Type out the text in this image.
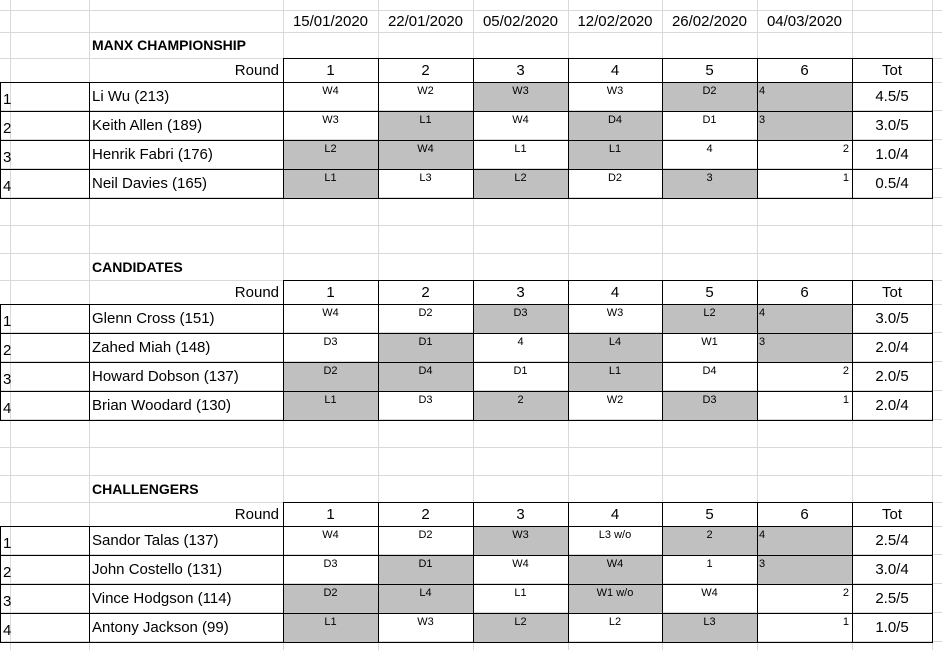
15/01/2020	22/01/2020	05/02/2020	12/02/2020	26/02/2020	04/03/2020
MANX CHAMPIONSHIP
Round	1	2	3	4	5	6	Tot
1	Li Wu (213)	W4	W2	W3	W3	D2	4	4.5/5
2	Keith Allen (189)	W3	L1	W4	D4	D1	3	3.0/5
3	Henrik Fabri (176)	L2	W4	L1	L1	4	2	1.0/4
4	Neil Davies (165)	L1	L3	L2	D2	3	1	0.5/4
CANDIDATES
Round	1	2	3	4	5	6	Tot
1	Glenn Cross (151)	W4	D2	D3	W3	L2	4	3.0/5
2	Zahed Miah (148)	D3	D1	4	L4	W1	3	2.0/4
3	Howard Dobson (137)	D2	D4	D1	L1	D4	2	2.0/5
4	Brian Woodard (130)	L1	D3	2	W2	D3	1	2.0/4
CHALLENGERS
Round	1	2	3	4	5	6	Tot
1	Sandor Talas (137)	W4	D2	W3	L3 w/o	2	4	2.5/4
2	John Costello (131)	D3	D1	W4	W4	1	3	3.0/4
3	Vince Hodgson (114)	D2	L4	L1	W1 w/o	W4	2	2.5/5
4	Antony Jackson (99)	L1	W3	L2	L2	L3	1	1.0/5
